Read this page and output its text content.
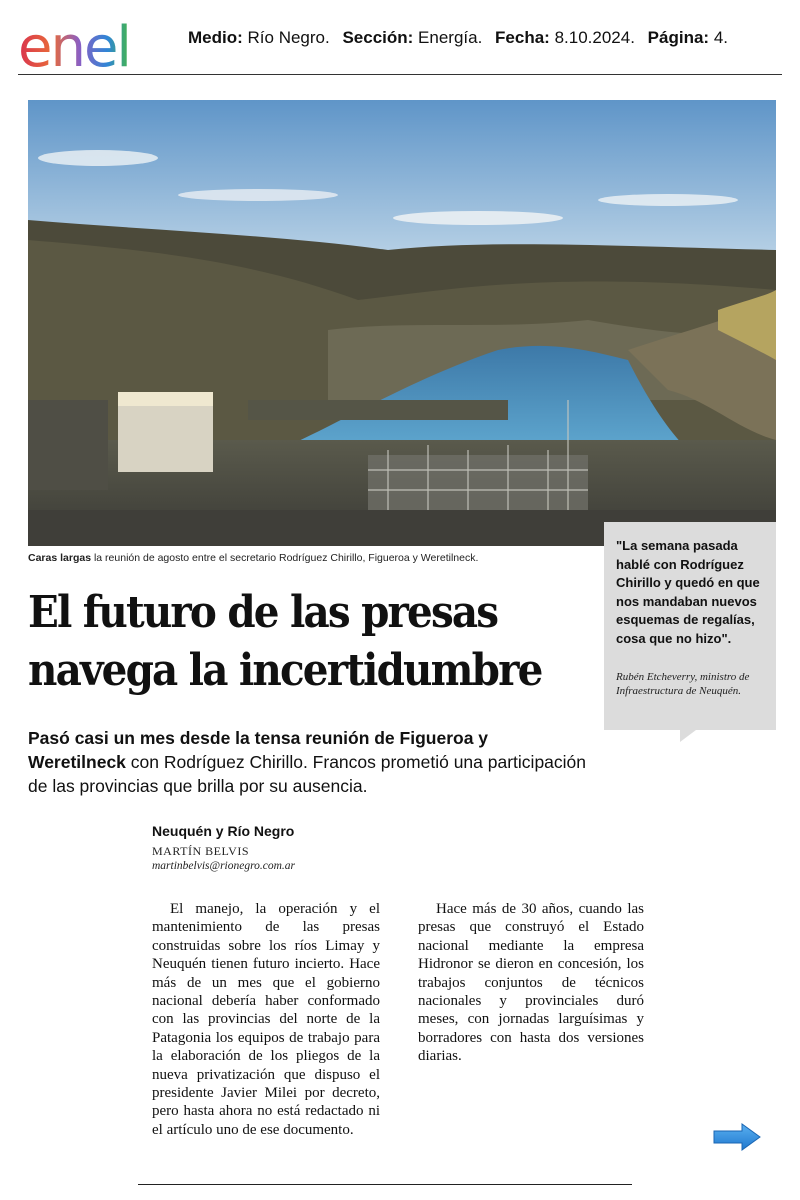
enel	Medio: Río Negro. Sección: Energía. Fecha: 8.10.2024. Página: 4.
Caras largas la reunión de agosto entre el secretario Rodríguez Chirillo, Figueroa y Weretilneck.
"La semana pasada hablé con Rodríguez Chirillo y quedó en que nos mandaban nuevos esquemas de regalías, cosa que no hizo".
Rubén Etcheverry, ministro de Infraestructura de Neuquén.
El futuro de las presas navega la incertidumbre

Pasó casi un mes desde la tensa reunión de Figueroa y Weretilneck con Rodríguez Chirillo. Francos prometió una participación de las provincias que brilla por su ausencia.

Neuquén y Río Negro
MARTÍN BELVIS
martinbelvis@rionegro.com.ar

El manejo, la operación y el mantenimiento de las presas construidas sobre los ríos Limay y Neuquén tienen futuro incierto. Hace más de un mes que el gobierno nacional debería haber conformado con las provincias del norte de la Patagonia los equipos de trabajo para la elaboración de los pliegos de la nueva privatización que dispuso el presidente Javier Milei por decreto, pero hasta ahora no está redactado ni el artículo uno de ese documento.

Hace más de 30 años, cuando las presas que construyó el Estado nacional mediante la empresa Hidronor se dieron en concesión, los trabajos conjuntos de técnicos nacionales y provinciales duró meses, con jornadas larguísimas y borradores con hasta dos versiones diarias.
